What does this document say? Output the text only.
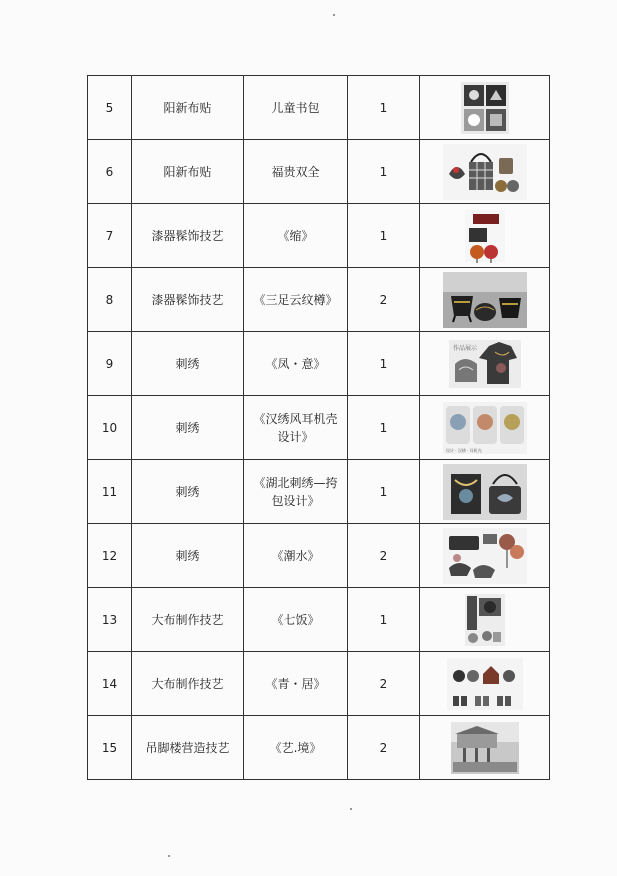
5	阳新布贴	儿童书包	1	

6	阳新布贴	福贵双全	1	

7	漆器髹饰技艺	《缩》	1	

8	漆器髹饰技艺	《三足云纹樽》	2	

9	刺绣	《凤・意》	1	作品展示

10	刺绣	《汉绣风耳机壳设计》	1	设计 · 汉绣 · 耳机壳

11	刺绣	《湖北刺绣—挎包设计》	1	

12	刺绣	《潮水》	2	

13	大布制作技艺	《七饭》	1	

14	大布制作技艺	《青・居》	2	

15	吊脚楼营造技艺	《艺.境》	2	
